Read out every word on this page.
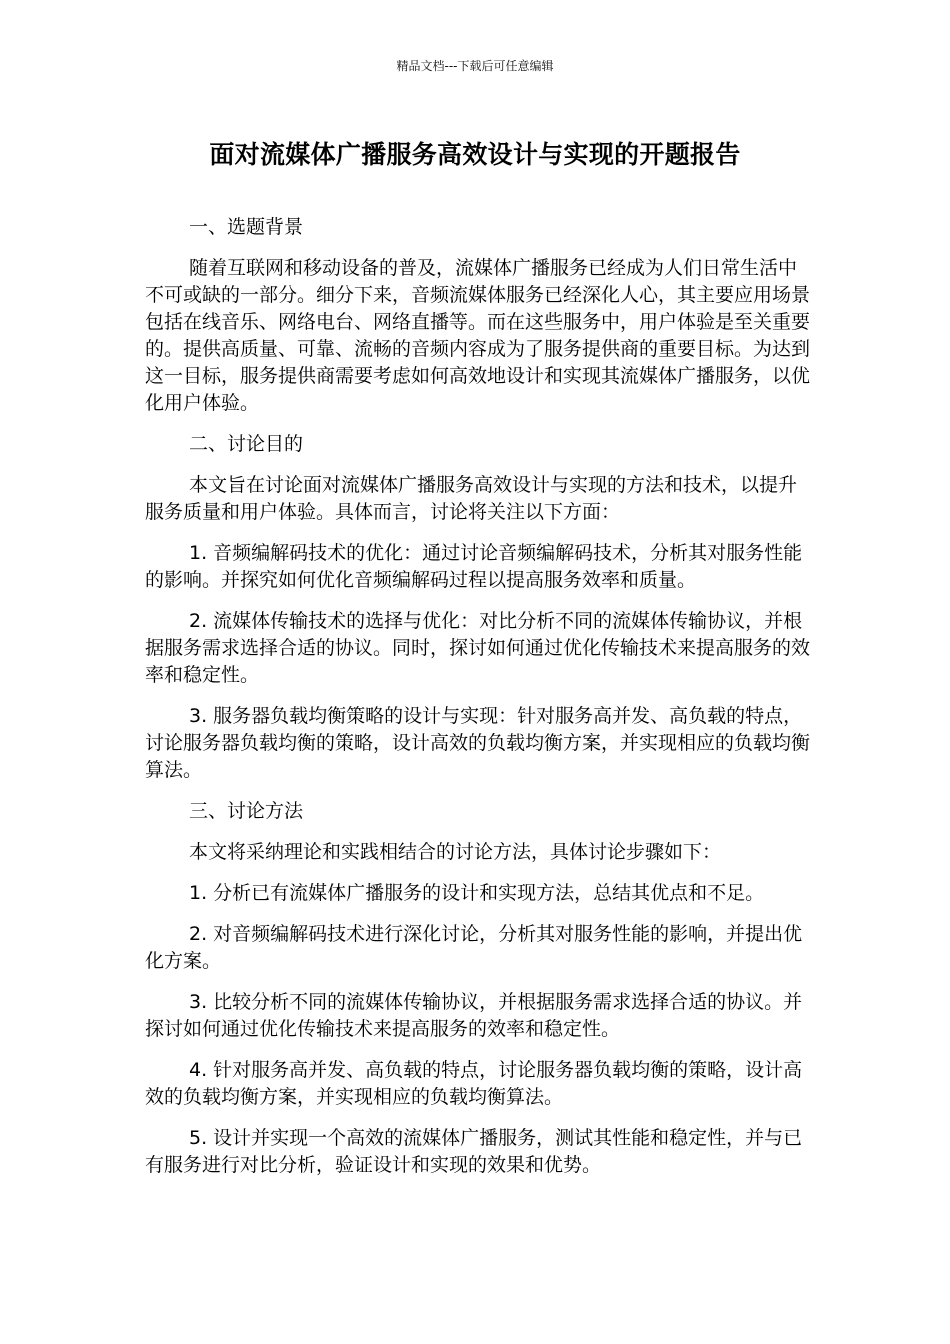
精品文档---下载后可任意编辑
面对流媒体广播服务高效设计与实现的开题报告
一、选题背景
随着互联网和移动设备的普及，流媒体广播服务已经成为人们日常生活中不可或缺的一部分。细分下来，音频流媒体服务已经深化人心，其主要应用场景包括在线音乐、网络电台、网络直播等。而在这些服务中，用户体验是至关重要的。提供高质量、可靠、流畅的音频内容成为了服务提供商的重要目标。为达到这一目标，服务提供商需要考虑如何高效地设计和实现其流媒体广播服务，以优化用户体验。
二、讨论目的
本文旨在讨论面对流媒体广播服务高效设计与实现的方法和技术，以提升服务质量和用户体验。具体而言，讨论将关注以下方面：
1. 音频编解码技术的优化：通过讨论音频编解码技术，分析其对服务性能的影响。并探究如何优化音频编解码过程以提高服务效率和质量。
2. 流媒体传输技术的选择与优化：对比分析不同的流媒体传输协议，并根据服务需求选择合适的协议。同时，探讨如何通过优化传输技术来提高服务的效率和稳定性。
3. 服务器负载均衡策略的设计与实现：针对服务高并发、高负载的特点，讨论服务器负载均衡的策略，设计高效的负载均衡方案，并实现相应的负载均衡算法。
三、讨论方法
本文将采纳理论和实践相结合的讨论方法，具体讨论步骤如下：
1. 分析已有流媒体广播服务的设计和实现方法，总结其优点和不足。
2. 对音频编解码技术进行深化讨论，分析其对服务性能的影响，并提出优化方案。
3. 比较分析不同的流媒体传输协议，并根据服务需求选择合适的协议。并探讨如何通过优化传输技术来提高服务的效率和稳定性。
4. 针对服务高并发、高负载的特点，讨论服务器负载均衡的策略，设计高效的负载均衡方案，并实现相应的负载均衡算法。
5. 设计并实现一个高效的流媒体广播服务，测试其性能和稳定性，并与已有服务进行对比分析，验证设计和实现的效果和优势。
